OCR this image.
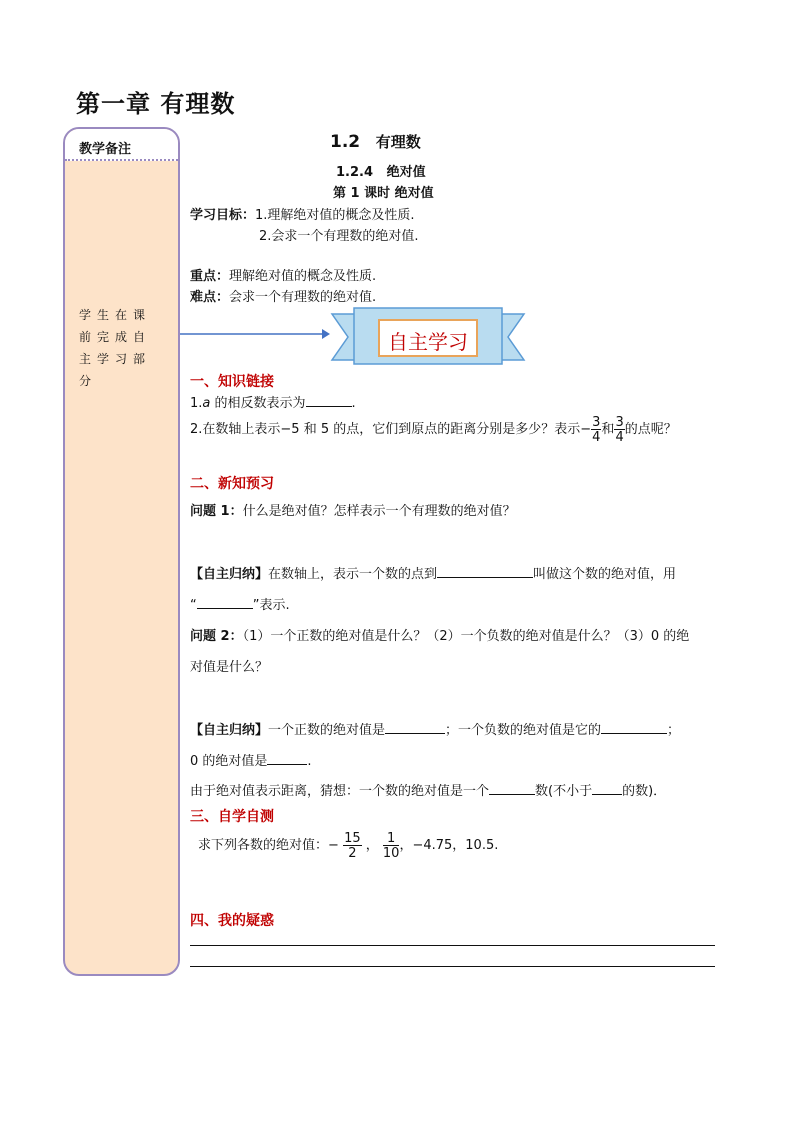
第一章 有理数
教学备注
学生在课前完成自主学习部分
1.2 有理数
1.2.4 绝对值
第 1 课时 绝对值
学习目标：1.理解绝对值的概念及性质.
2.会求一个有理数的绝对值.
重点：理解绝对值的概念及性质.
难点：会求一个有理数的绝对值.
自主学习
一、知识链接
1.a 的相反数表示为	.
2.在数轴上表示−5 和 5 的点，它们到原点的距离分别是多少？表示− $\frac{3}{4}$ 和 $\frac{3}{4}$ 的点呢？
二、新知预习
问题 1：什么是绝对值？怎样表示一个有理数的绝对值？
【自主归纳】在数轴上，表示一个数的点到	叫做这个数的绝对值，用
“	”表示.
问题 2：（1）一个正数的绝对值是什么？（2）一个负数的绝对值是什么？（3）0 的绝
对值是什么？
【自主归纳】一个正数的绝对值是	；一个负数的绝对值是它的	；
0 的绝对值是	.
由于绝对值表示距离，猜想：一个数的绝对值是一个	数(不小于 的数)．
三、自学自测
求下列各数的绝对值：− $\frac{15}{2}$ ， $\frac{1}{10}$ ，−4.75，10.5.
四、我的疑惑
